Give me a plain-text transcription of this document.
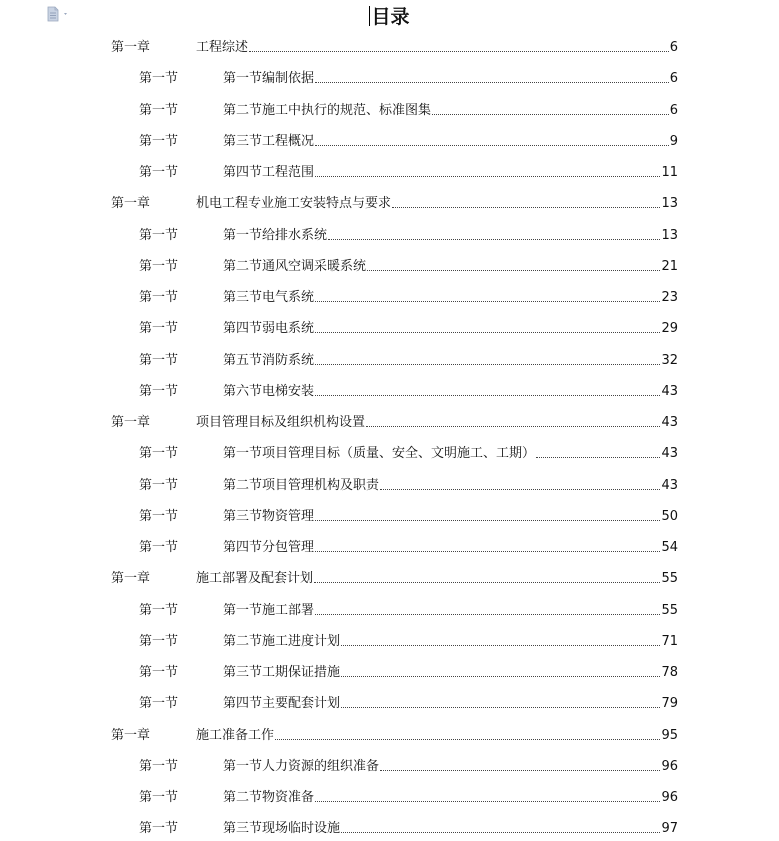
目录
第一章	工程综述	6
第一节	第一节编制依据	6
第一节	第二节施工中执行的规范、标准图集	6
第一节	第三节工程概况	9
第一节	第四节工程范围	11
第一章	机电工程专业施工安装特点与要求	13
第一节	第一节给排水系统	13
第一节	第二节通风空调采暖系统	21
第一节	第三节电气系统	23
第一节	第四节弱电系统	29
第一节	第五节消防系统	32
第一节	第六节电梯安装	43
第一章	项目管理目标及组织机构设置	43
第一节	第一节项目管理目标（质量、安全、文明施工、工期）	43
第一节	第二节项目管理机构及职责	43
第一节	第三节物资管理	50
第一节	第四节分包管理	54
第一章	施工部署及配套计划	55
第一节	第一节施工部署	55
第一节	第二节施工进度计划	71
第一节	第三节工期保证措施	78
第一节	第四节主要配套计划	79
第一章	施工准备工作	95
第一节	第一节人力资源的组织准备	96
第一节	第二节物资准备	96
第一节	第三节现场临时设施	97
